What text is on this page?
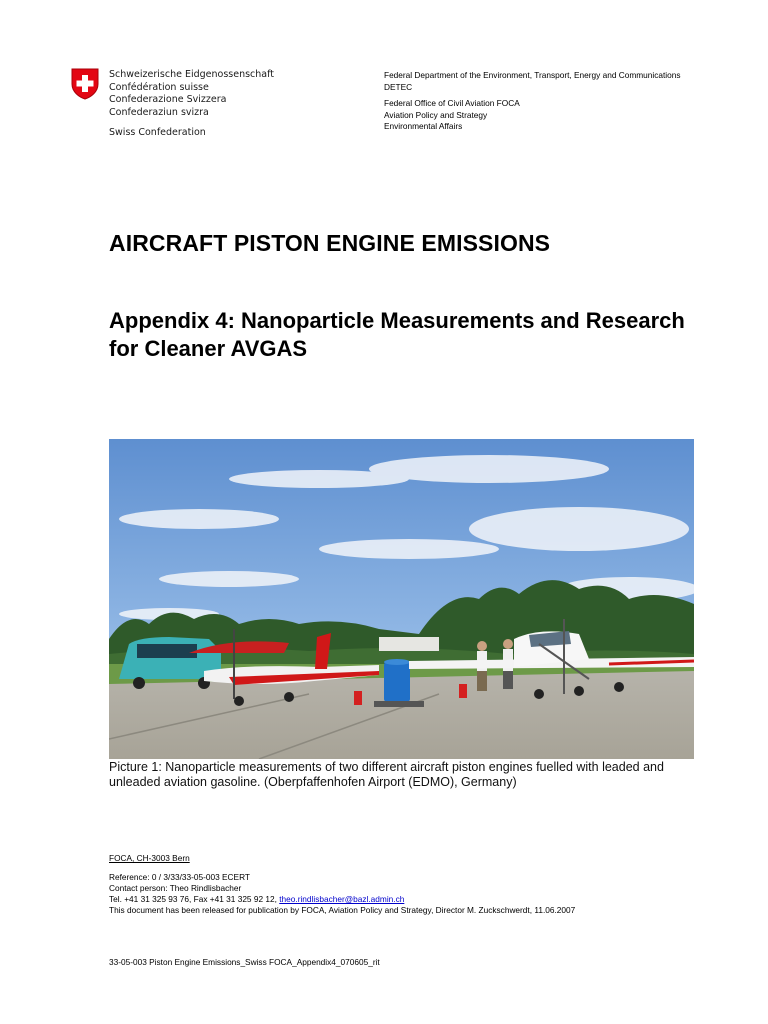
Schweizerische Eidgenossenschaft
Confédération suisse
Confederazione Svizzera
Confederaziun svizra
Swiss Confederation
Federal Department of the Environment, Transport, Energy and Communications DETEC
Federal Office of Civil Aviation FOCA
Aviation Policy and Strategy
Environmental Affairs
AIRCRAFT PISTON ENGINE EMISSIONS
Appendix 4: Nanoparticle Measurements and Research for Cleaner AVGAS
Picture 1: Nanoparticle measurements of two different aircraft piston engines fuelled with leaded and unleaded aviation gasoline. (Oberpfaffenhofen Airport (EDMO), Germany)
FOCA, CH-3003 Bern
Reference: 0 / 3/33/33-05-003 ECERT
Contact person: Theo Rindlisbacher
Tel. +41 31 325 93 76, Fax +41 31 325 92 12, theo.rindlisbacher@bazl.admin.ch
This document has been released for publication by FOCA, Aviation Policy and Strategy, Director M. Zuckschwerdt, 11.06.2007
33-05-003 Piston Engine Emissions_Swiss FOCA_Appendix4_070605_rit
